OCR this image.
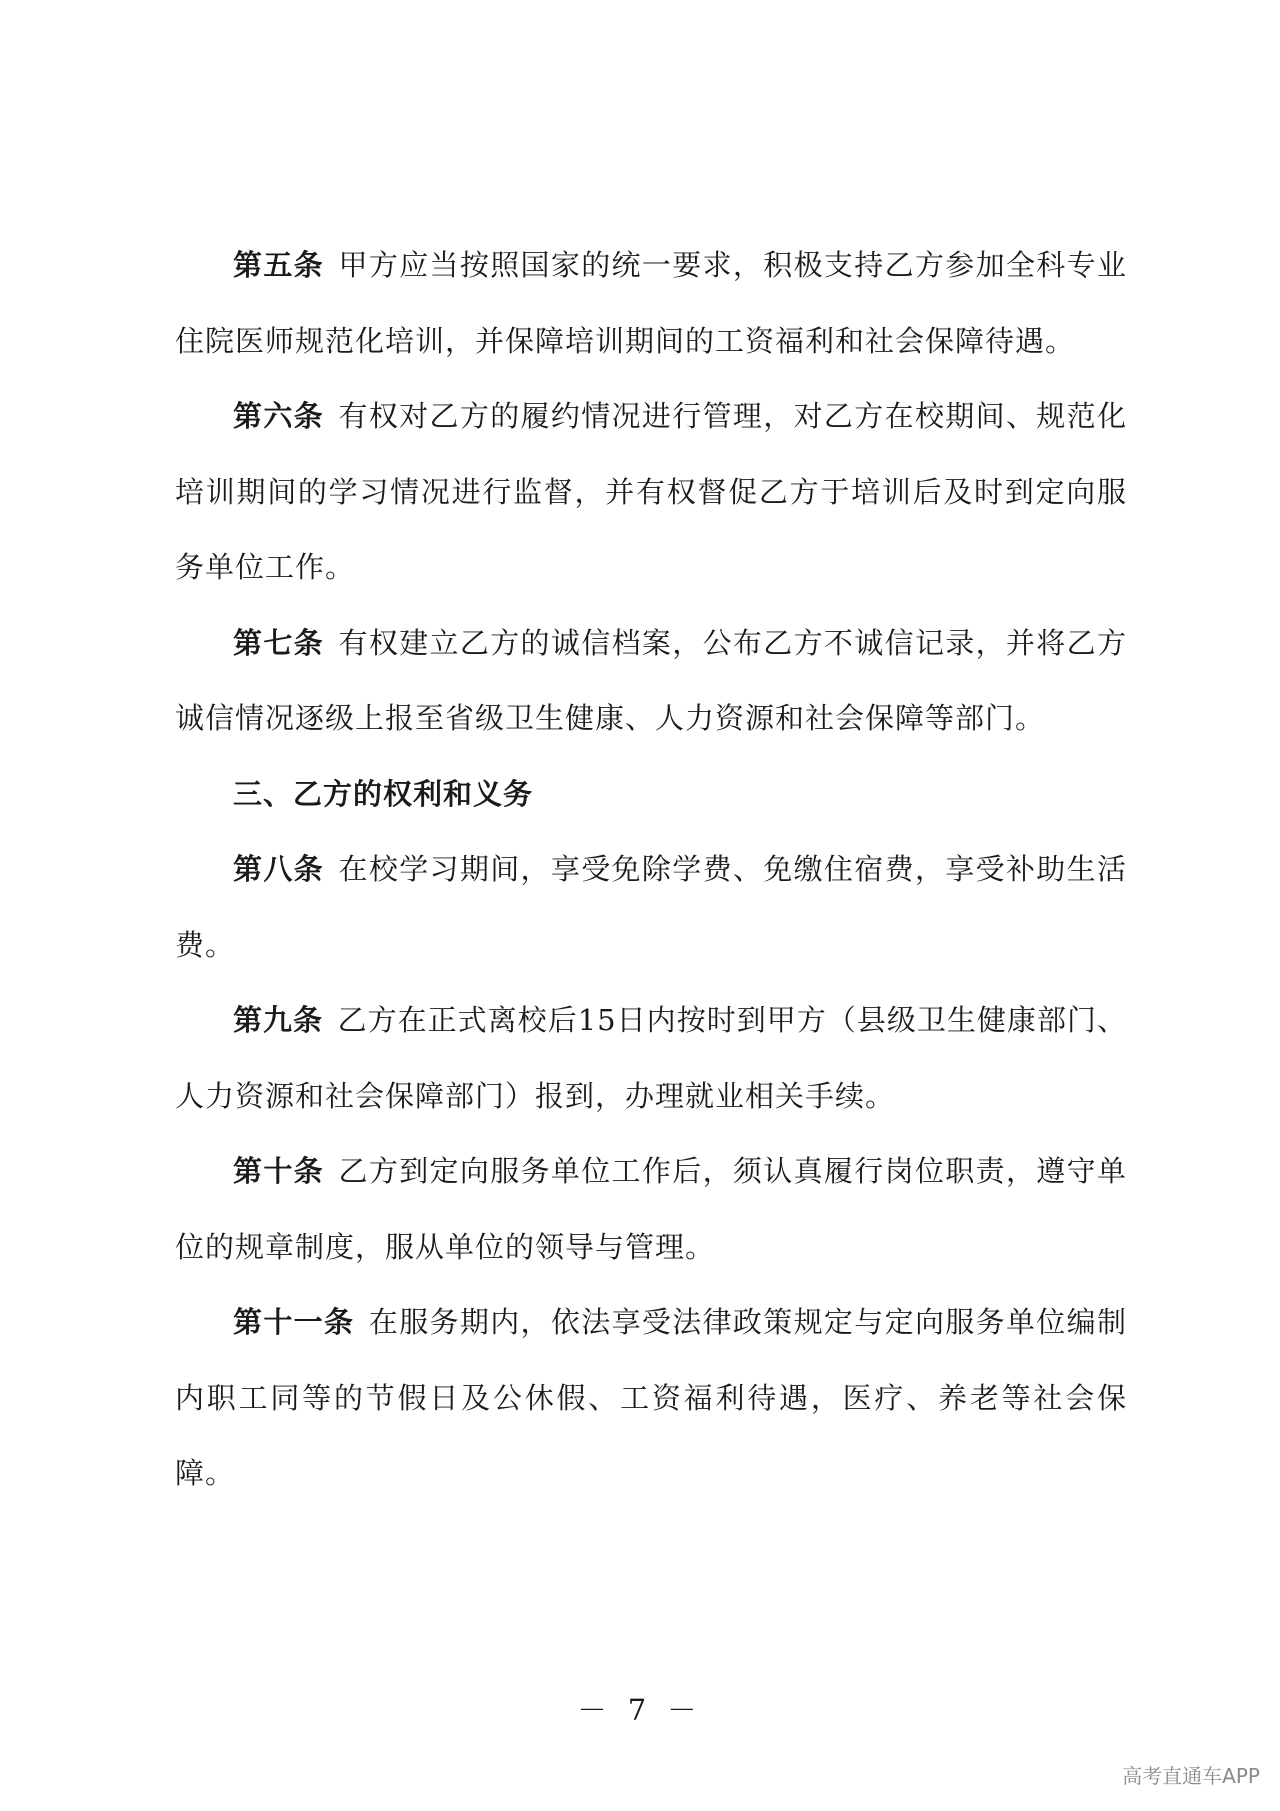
第五条 甲方应当按照国家的统一要求，积极支持乙方参加全科专业住院医师规范化培训，并保障培训期间的工资福利和社会保障待遇。

第六条 有权对乙方的履约情况进行管理，对乙方在校期间、规范化培训期间的学习情况进行监督，并有权督促乙方于培训后及时到定向服务单位工作。

第七条 有权建立乙方的诚信档案，公布乙方不诚信记录，并将乙方诚信情况逐级上报至省级卫生健康、人力资源和社会保障等部门。

三、乙方的权利和义务

第八条 在校学习期间，享受免除学费、免缴住宿费，享受补助生活费。

第九条 乙方在正式离校后15日内按时到甲方（县级卫生健康部门、人力资源和社会保障部门）报到，办理就业相关手续。

第十条 乙方到定向服务单位工作后，须认真履行岗位职责，遵守单位的规章制度，服从单位的领导与管理。

第十一条 在服务期内，依法享受法律政策规定与定向服务单位编制内职工同等的节假日及公休假、工资福利待遇，医疗、养老等社会保障。

－ 7 －
高考直通车APP
